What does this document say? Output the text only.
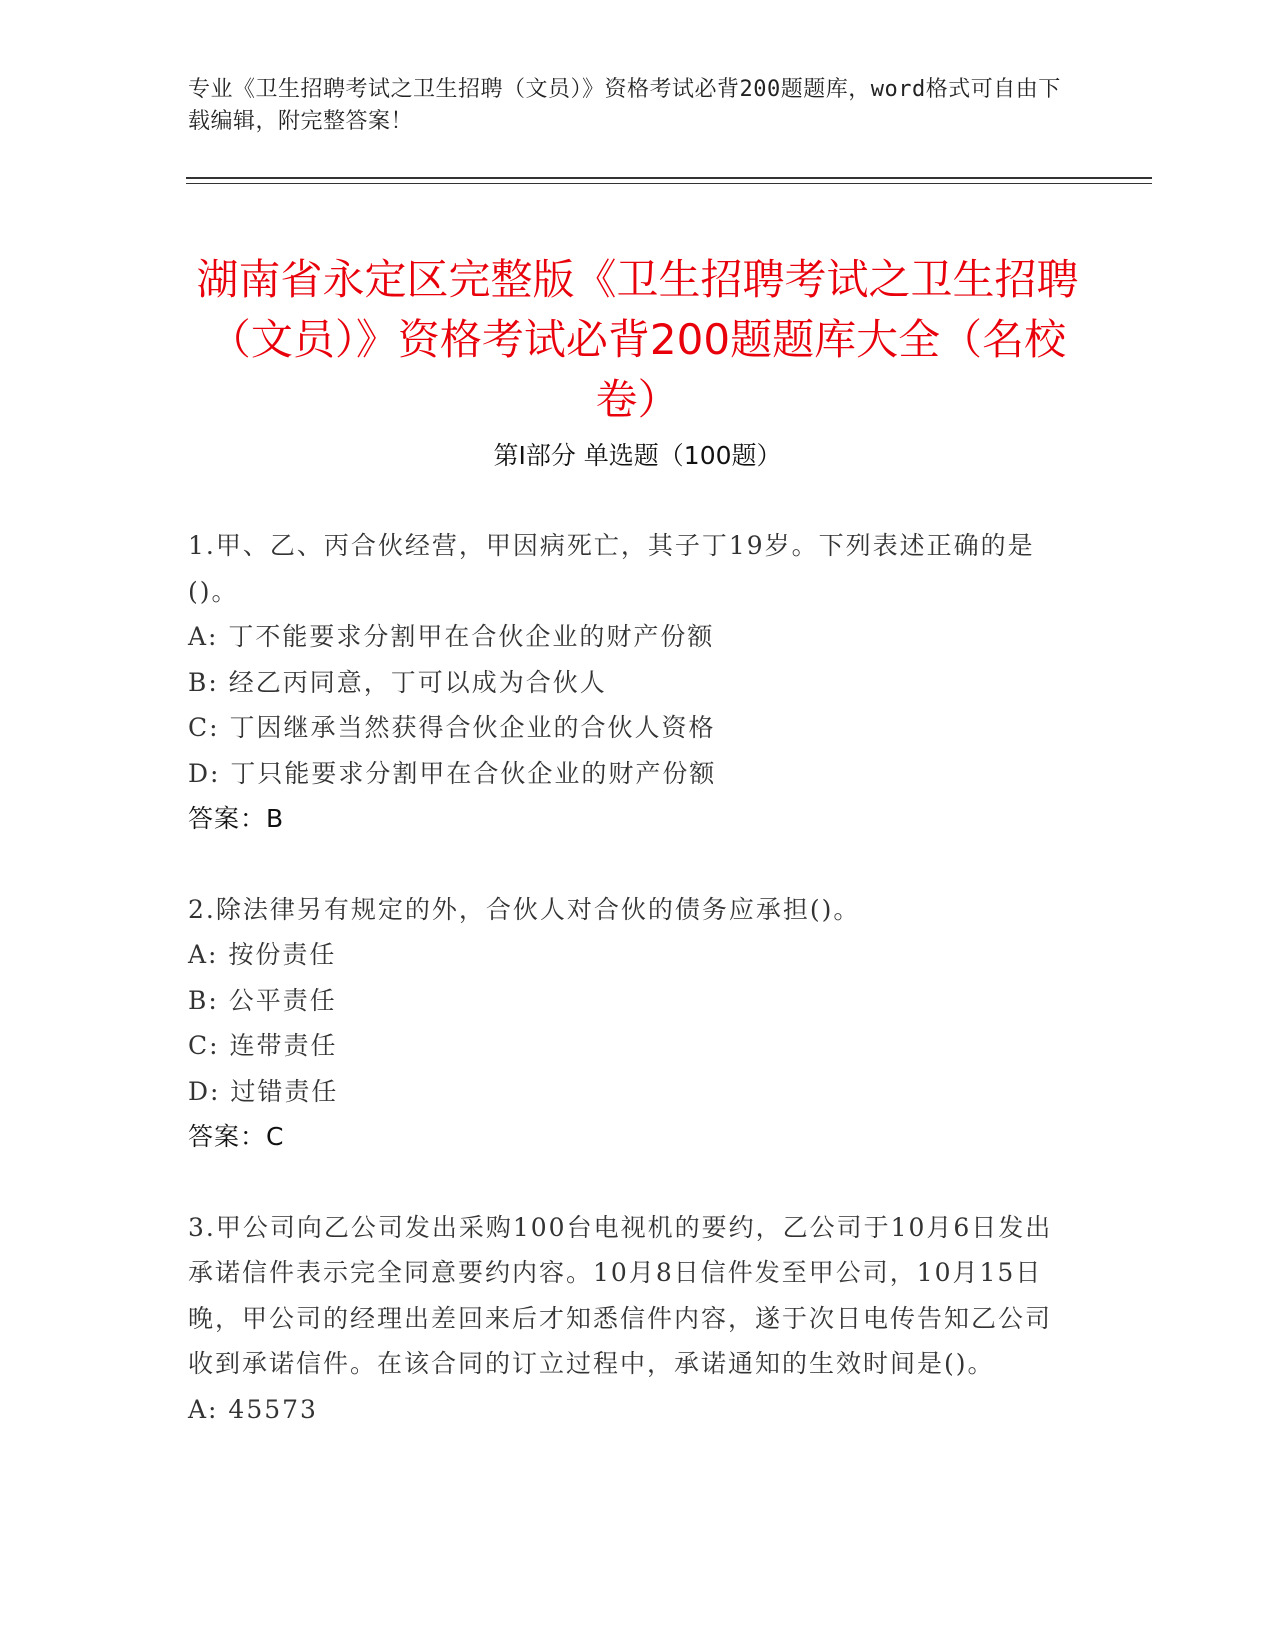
专业《卫生招聘考试之卫生招聘（文员）》资格考试必背200题题库，word格式可自由下载编辑，附完整答案！
湖南省永定区完整版《卫生招聘考试之卫生招聘（文员）》资格考试必背200题题库大全（名校卷）
第Ⅰ部分 单选题（100题）

1.甲、乙、丙合伙经营，甲因病死亡，其子丁19岁。下列表述正确的是()。

A: 丁不能要求分割甲在合伙企业的财产份额

B: 经乙丙同意，丁可以成为合伙人

C: 丁因继承当然获得合伙企业的合伙人资格

D: 丁只能要求分割甲在合伙企业的财产份额

答案：B

2.除法律另有规定的外，合伙人对合伙的债务应承担()。

A: 按份责任

B: 公平责任

C: 连带责任

D: 过错责任

答案：C

3.甲公司向乙公司发出采购100台电视机的要约，乙公司于10月6日发出承诺信件表示完全同意要约内容。10月8日信件发至甲公司，10月15日晚，甲公司的经理出差回来后才知悉信件内容，遂于次日电传告知乙公司收到承诺信件。在该合同的订立过程中，承诺通知的生效时间是()。

A: 45573
